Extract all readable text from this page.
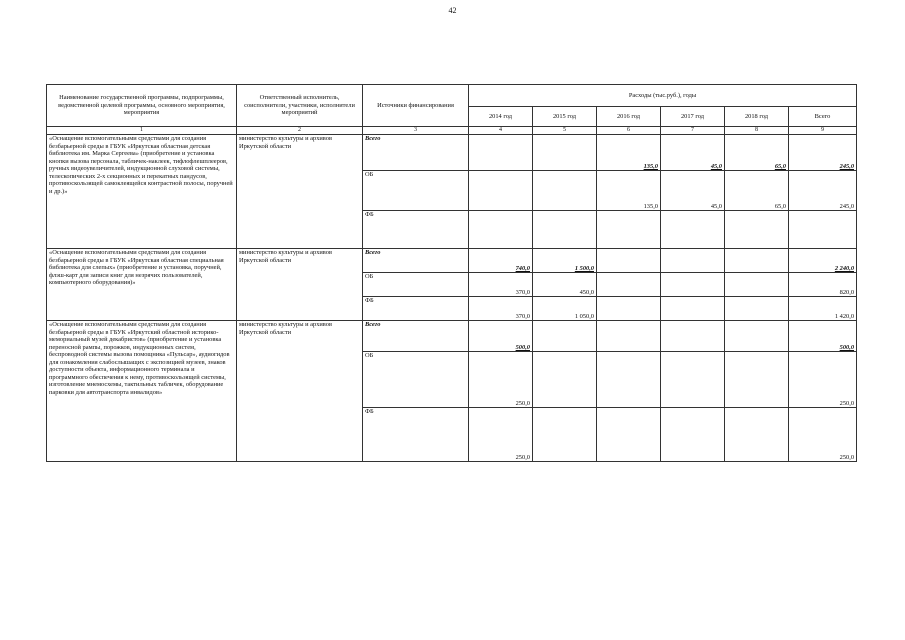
42
Наименование государственной программы, подпрограммы, ведомственной целевой программы, основного мероприятия, мероприятия	Ответственный исполнитель, соисполнители, участники, исполнители мероприятий	Источники финансирования	Расходы (тыс.руб.), годы					
			2014 год	2015 год	2016 год	2017 год	2018 год	Всего
1	2	3	4	5	6	7	8	9
«Оснащение вспомогательными средствами для создания безбарьерной среды в ГБУК «Иркутская областная детская библиотека им. Марка Сергеева» (приобретение и установка кнопки вызова персонала, табличек-наклеек, тифлофлешплееров, ручных видеоувеличителей, индукционной слуховой системы, телескопических 2-х секционных и перекатных пандусов, противоскользящей самоклеящейся контрастной полосы, поручней и др.)»	министерство культуры и архивов Иркутской области	Всего			135,0	45,0	65,0	245,0
		ОБ			135,0	45,0	65,0	245,0
		ФБ						
«Оснащение вспомогательными средствами для создания безбарьерной среды в ГБУК «Иркутская областная специальная библиотека для слепых» (приобретение и установка, поручней, флэш-карт для записи книг для незрячих пользователей, компьютерного оборудования)»	министерство культуры и архивов Иркутской области	Всего	740,0	1 500,0				2 240,0
		ОБ	370,0	450,0				820,0
		ФБ	370,0	1 050,0				1 420,0
«Оснащение вспомогательными средствами для создания безбарьерной среды в ГБУК «Иркутский областной историко-мемориальный музей декабристов» (приобретение и установка переносной рампы, порожков, индукционных систем, беспроводной системы вызова помощника «Пульсар», аудиогидов для ознакомления слабослышащих с экспозицией музеев, знаков доступности объекта, информационного терминала и программного обеспечения к нему, противоскользящей системы, изготовление мнемосхемы, тактильных табличек, оборудование парковки для автотранспорта инвалидов»	министерство культуры и архивов Иркутской области	Всего	500,0					500,0
		ОБ	250,0					250,0
		ФБ	250,0					250,0
